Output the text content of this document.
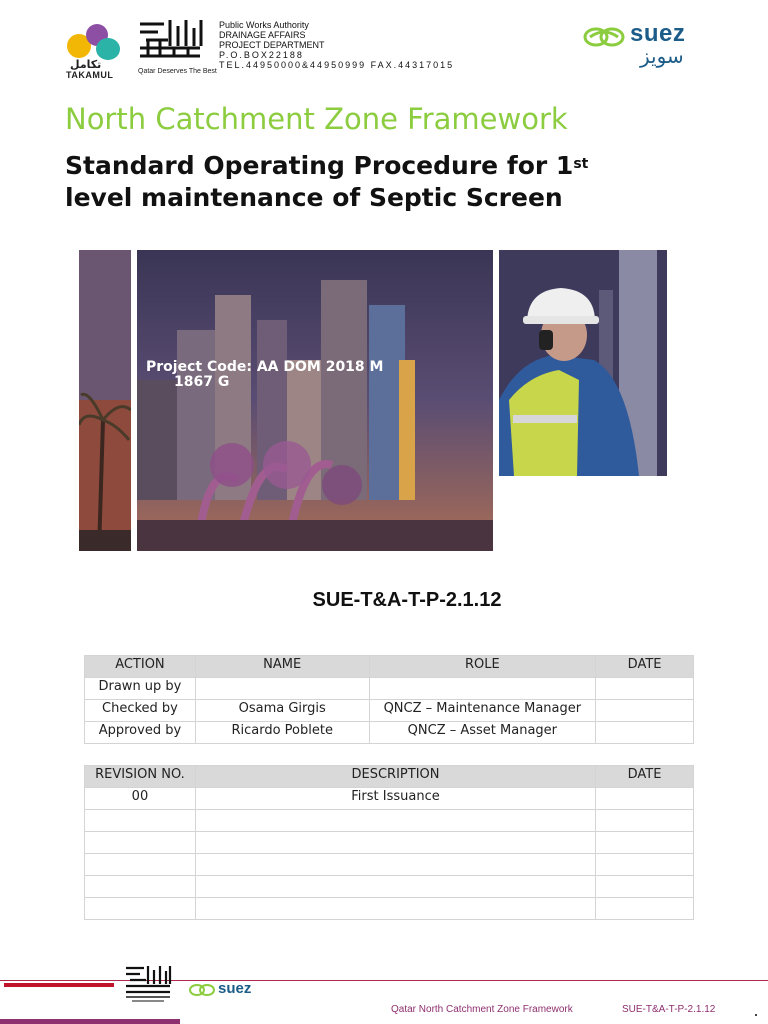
تكامل
TAKAMUL	Qatar Deserves The Best
Public Works Authority
DRAINAGE AFFAIRS
PROJECT DEPARTMENT
P.O.BOX22188
TEL.44950000&44950999 FAX.44317015
suez
سويز
North Catchment Zone Framework
Standard Operating Procedure for 1st
level maintenance of Septic Screen
Project Code: AA DOM 2018 M
1867 G
SUE-T&A-T-P-2.1.12
ACTION	NAME	ROLE	DATE
Drawn up by			
Checked by	Osama Girgis	QNCZ – Maintenance Manager	
Approved by	Ricardo Poblete	QNCZ – Asset Manager	
REVISION NO.	DESCRIPTION	DATE
00	First Issuance	

suez
Qatar North Catchment Zone Framework	SUE-T&A-T-P-2.1.12
